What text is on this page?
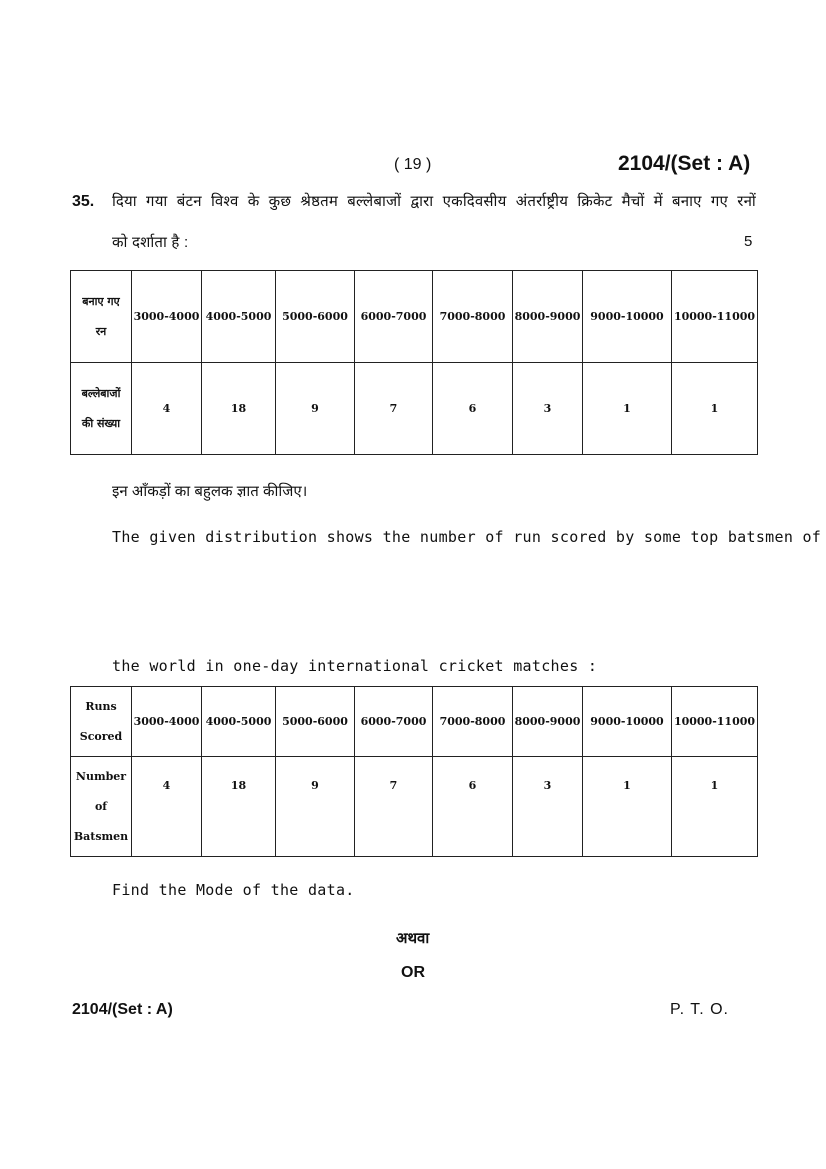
( 19 )	2104/(Set : A)
35. दिया गया बंटन विश्व के कुछ श्रेष्ठतम बल्लेबाजों द्वारा एकदिवसीय अंतर्राष्ट्रीय क्रिकेट मैचों में बनाए गए रनों
को दर्शाता है :	5
बनाए गए
रन	3000-4000	4000-5000	5000-6000	6000-7000	7000-8000	8000-9000	9000-10000	10000-11000

बल्लेबाजों
की संख्या	4	18	9	7	6	3	1	1
इन आँकड़ों का बहुलक ज्ञात कीजिए।
The given distribution shows the number of run scored by some top batsmen of
the world in one-day international cricket matches :
Runs
Scored	3000-4000	4000-5000	5000-6000	6000-7000	7000-8000	8000-9000	9000-10000	10000-11000

Number
of
Batsmen	4	18	9	7	6	3	1	1
Find the Mode of the data.
अथवा
OR
2104/(Set : A)	P. T. O.
